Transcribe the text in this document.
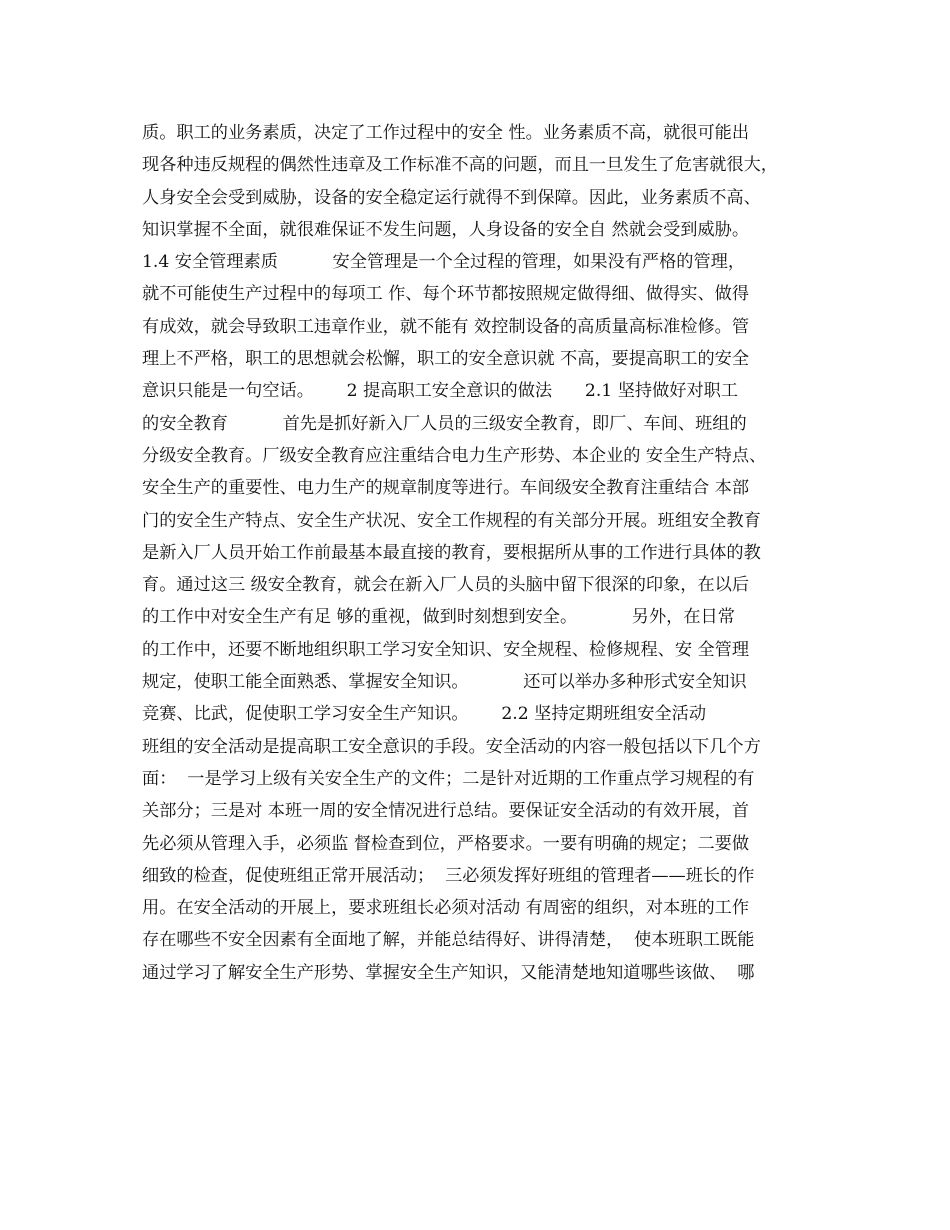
质。职工的业务素质，决定了工作过程中的安全 性。业务素质不高，就很可能出
现各种违反规程的偶然性违章及工作标准不高的问题，而且一旦发生了危害就很大，
人身安全会受到威胁，设备的安全稳定运行就得不到保障。因此，业务素质不高、
知识掌握不全面，就很难保证不发生问题，人身设备的安全自 然就会受到威胁。
1.4 安全管理素质          安全管理是一个全过程的管理，如果没有严格的管理，
就不可能使生产过程中的每项工 作、每个环节都按照规定做得细、做得实、做得
有成效，就会导致职工违章作业，就不能有 效控制设备的高质量高标准检修。管
理上不严格，职工的思想就会松懈，职工的安全意识就 不高，要提高职工的安全
意识只能是一句空话。      2 提高职工安全意识的做法      2.1 坚持做好对职工
的安全教育          首先是抓好新入厂人员的三级安全教育，即厂、车间、班组的
分级安全教育。厂级安全教育应注重结合电力生产形势、本企业的 安全生产特点、
安全生产的重要性、电力生产的规章制度等进行。车间级安全教育注重结合 本部
门的安全生产特点、安全生产状况、安全工作规程的有关部分开展。班组安全教育
是新入厂人员开始工作前最基本最直接的教育，要根据所从事的工作进行具体的教
育。通过这三 级安全教育，就会在新入厂人员的头脑中留下很深的印象，在以后
的工作中对安全生产有足 够的重视，做到时刻想到安全。          另外，在日常
的工作中，还要不断地组织职工学习安全知识、安全规程、检修规程、安 全管理
规定，使职工能全面熟悉、掌握安全知识。          还可以举办多种形式安全知识
竞赛、比武，促使职工学习安全生产知识。      2.2 坚持定期班组安全活动
班组的安全活动是提高职工安全意识的手段。安全活动的内容一般包括以下几个方
面：  一是学习上级有关安全生产的文件；二是针对近期的工作重点学习规程的有
关部分；三是对 本班一周的安全情况进行总结。要保证安全活动的有效开展，首
先必须从管理入手，必须监 督检查到位，严格要求。一要有明确的规定；二要做
细致的检查，促使班组正常开展活动；  三必须发挥好班组的管理者——班长的作
用。在安全活动的开展上，要求班组长必须对活动 有周密的组织，对本班的工作
存在哪些不安全因素有全面地了解，并能总结得好、讲得清楚，  使本班职工既能
通过学习了解安全生产形势、掌握安全生产知识，又能清楚地知道哪些该做、  哪
